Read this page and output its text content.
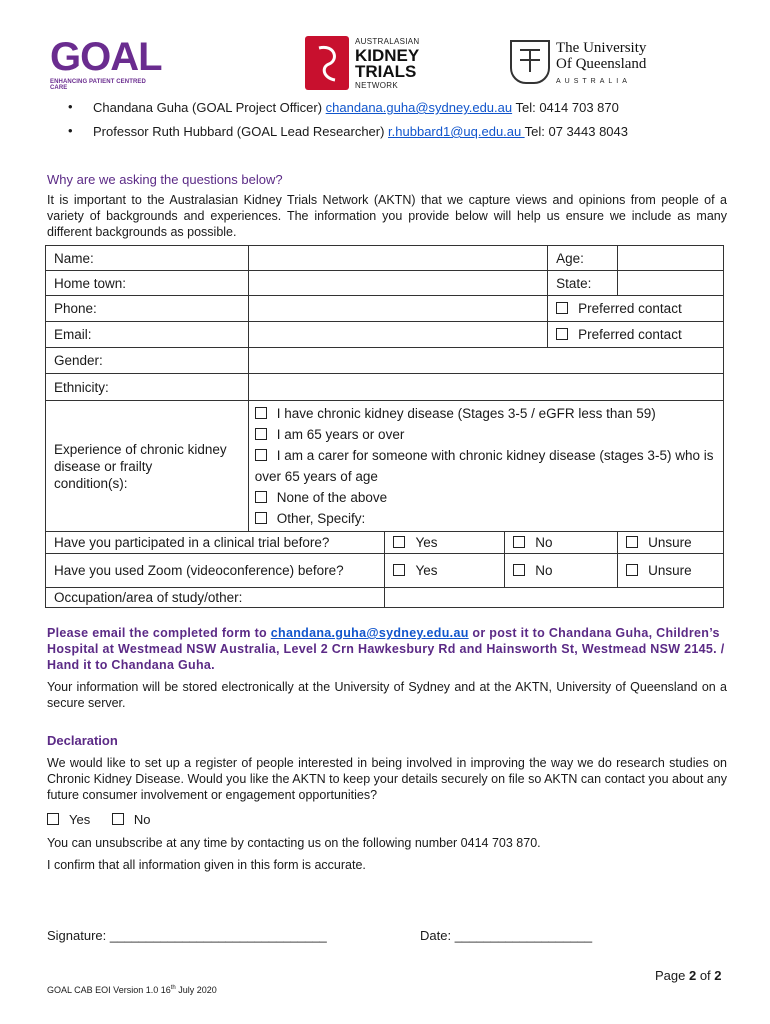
GOAL
ENHANCING PATIENT CENTRED CARE
AUSTRALASIAN
KIDNEY
TRIALS
NETWORK
The University
Of Queensland
AUSTRALIA
• Chandana Guha (GOAL Project Officer) chandana.guha@sydney.edu.au Tel: 0414 703 870
• Professor Ruth Hubbard (GOAL Lead Researcher) r.hubbard1@uq.edu.au Tel: 07 3443 8043
Why are we asking the questions below?
It is important to the Australasian Kidney Trials Network (AKTN) that we capture views and opinions from people of a variety of backgrounds and experiences. The information you provide below will help us ensure we include as many different backgrounds as possible.
Name:				Age:	
Home town:				State:	
Phone:				Preferred contact	
Email:				Preferred contact	
Gender:					
Ethnicity:					
Experience of chronic kidney disease or frailty condition(s):	I have chronic kidney disease (Stages 3-5 / eGFR less than 59)
I am 65 years or over
I am a carer for someone with chronic kidney disease (stages 3-5) who is over 65 years of age
None of the above
Other, Specify:				

Have you participated in a clinical trial before?		Yes	No		Unsure
Have you used Zoom (videoconference) before?		Yes	No		Unsure
Occupation/area of study/other:					
Please email the completed form to chandana.guha@sydney.edu.au or post it to Chandana Guha, Children’s Hospital at Westmead NSW Australia, Level 2 Crn Hawkesbury Rd and Hainsworth St, Westmead NSW 2145. / Hand it to Chandana Guha.
Your information will be stored electronically at the University of Sydney and at the AKTN, University of Queensland on a secure server.
Declaration
We would like to set up a register of people interested in being involved in improving the way we do research studies on Chronic Kidney Disease. Would you like the AKTN to keep your details securely on file so AKTN can contact you about any future consumer involvement or engagement opportunities?
Yes	No
You can unsubscribe at any time by contacting us on the following number 0414 703 870.
I confirm that all information given in this form is accurate.
Signature: ______________________________	Date: ___________________
Page 2 of 2
GOAL CAB EOI Version 1.0 16th July 2020
